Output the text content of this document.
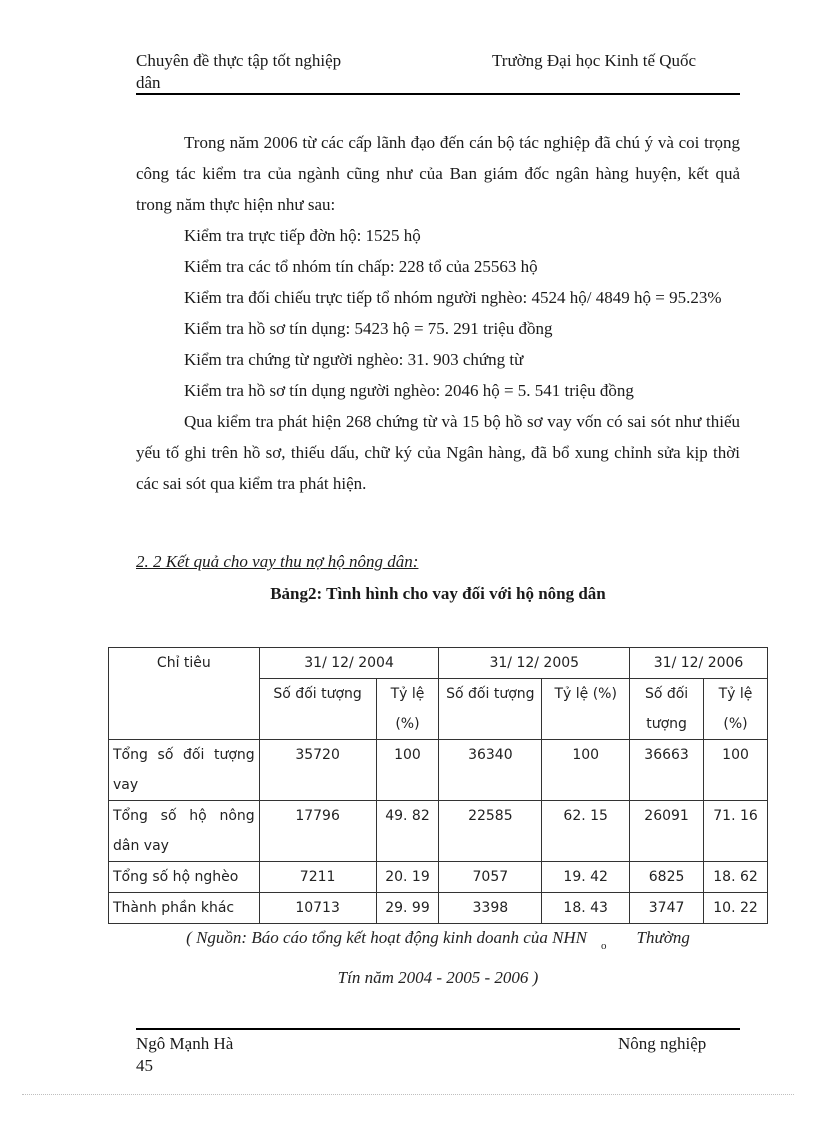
Chuyên đề thực tập tốt nghiệp	Trường Đại học Kinh tế Quốc
dân

Trong năm 2006 từ các cấp lãnh đạo đến cán bộ tác nghiệp đã chú ý và coi trọng công tác kiểm tra của ngành cũng như của Ban giám đốc ngân hàng huyện, kết quả trong năm thực hiện như sau:

Kiểm tra trực tiếp đờn hộ: 1525 hộ

Kiểm tra các tổ nhóm tín chấp: 228 tổ của 25563 hộ

Kiểm tra đối chiếu trực tiếp tổ nhóm người nghèo: 4524 hộ/ 4849 hộ = 95.23%

Kiểm tra hồ sơ tín dụng: 5423 hộ = 75. 291 triệu đồng

Kiểm tra chứng từ người nghèo: 31. 903 chứng từ

Kiểm tra hồ sơ tín dụng người nghèo: 2046 hộ = 5. 541 triệu đồng

Qua kiểm tra phát hiện 268 chứng từ và 15 bộ hồ sơ vay vốn có sai sót như thiếu yếu tố ghi trên hồ sơ, thiếu dấu, chữ ký của Ngân hàng, đã bổ xung chỉnh sửa kịp thời các sai sót qua kiểm tra phát hiện.

2. 2 Kết quả cho vay thu nợ hộ nông dân:
Bảng2: Tình hình cho vay đối với hộ nông dân
Chỉ tiêu	31/ 12/ 2004		31/ 12/ 2005		31/ 12/ 2006	
	Số đối tượng	Tỷ lệ (%)	Số đối tượng	Tỷ lệ (%)	Số đối tượng	Tỷ lệ (%)
Tổng số đối tượng vay	35720	100	36340	100	36663	100
Tổng số hộ nông dân vay	17796	49. 82	22585	62. 15	26091	71. 16
Tổng số hộ nghèo	7211	20. 19	7057	19. 42	6825	18. 62
Thành phần khác	10713	29. 99	3398	18. 43	3747	10. 22
( Nguồn: Báo cáo tổng kết hoạt động kinh doanh của NHN o Thường
Tín năm 2004 - 2005 - 2006 )
Ngô Mạnh Hà	Nông nghiệp
45
